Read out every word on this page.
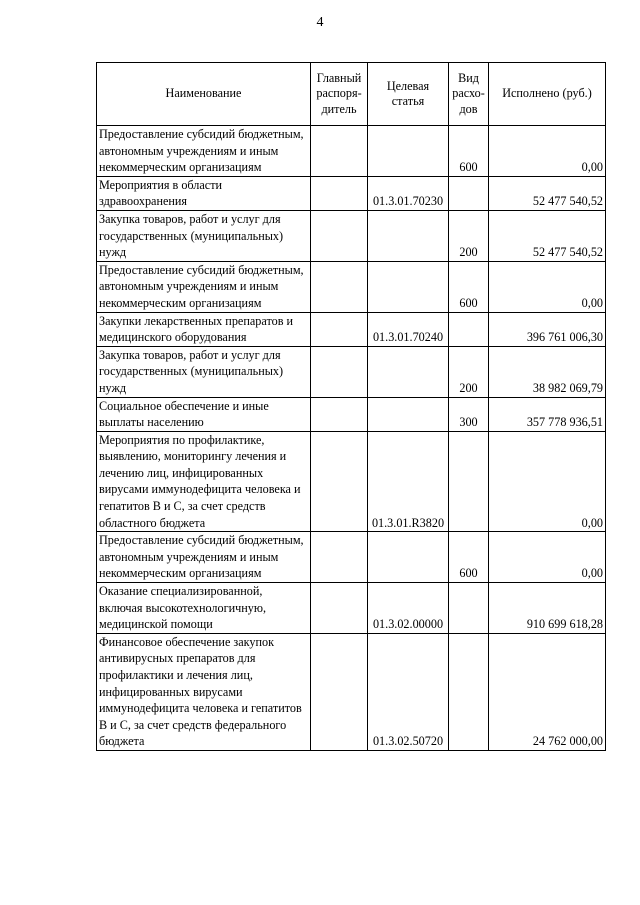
4
Наименование	Главный распоря-дитель	Целевая статья	Вид расхо-дов	Исполнено (руб.)
Предоставление субсидий бюджетным, автономным учреждениям и иным некоммерческим организациям			600	0,00
Мероприятия в области здравоохранения		01.3.01.70230		52 477 540,52
Закупка товаров, работ и услуг для государственных (муниципальных) нужд			200	52 477 540,52
Предоставление субсидий бюджетным, автономным учреждениям и иным некоммерческим организациям			600	0,00
Закупки лекарственных препаратов и медицинского оборудования		01.3.01.70240		396 761 006,30
Закупка товаров, работ и услуг для государственных (муниципальных) нужд			200	38 982 069,79
Социальное обеспечение и иные выплаты населению			300	357 778 936,51
Мероприятия по профилактике, выявлению, мониторингу лечения и лечению лиц, инфицированных вирусами иммунодефицита человека и гепатитов B и C, за счет средств областного бюджета		01.3.01.R3820		0,00
Предоставление субсидий бюджетным, автономным учреждениям и иным некоммерческим организациям			600	0,00
Оказание специализированной, включая высокотехнологичную, медицинской помощи		01.3.02.00000		910 699 618,28
Финансовое обеспечение закупок антивирусных препаратов для профилактики и лечения лиц, инфицированных вирусами иммунодефицита человека и гепатитов B и C, за счет средств федерального бюджета		01.3.02.50720		24 762 000,00
